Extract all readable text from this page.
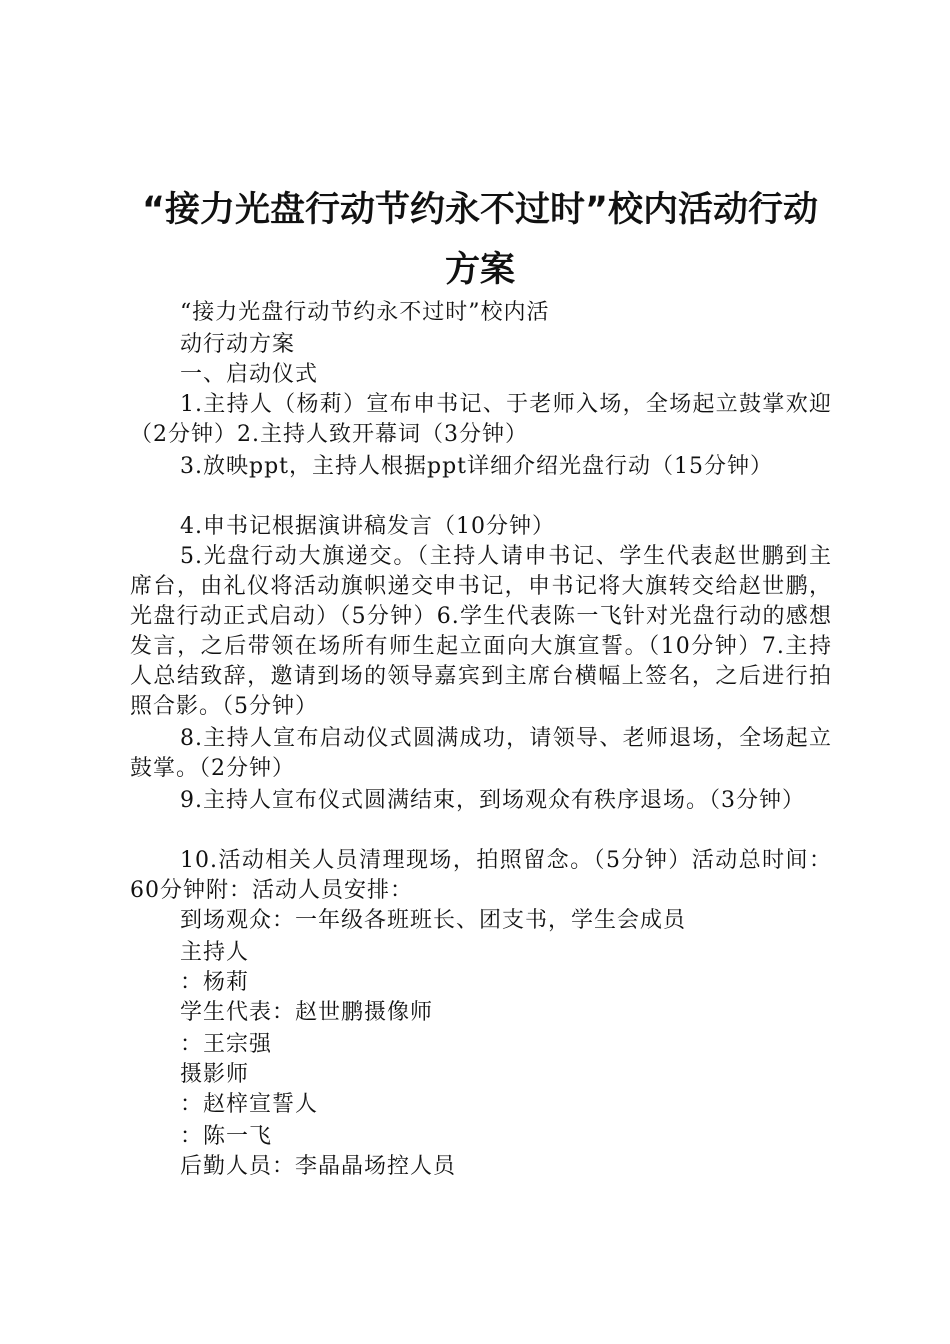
“接力光盘行动节约永不过时”校内活动行动
方案
“接力光盘行动节约永不过时”校内活
动行动方案
一、启动仪式
1.主持人（杨莉）宣布申书记、于老师入场，全场起立鼓掌欢迎（2分钟）2.主持人致开幕词（3分钟）
3.放映ppt，主持人根据ppt详细介绍光盘行动（15分钟）
4.申书记根据演讲稿发言（10分钟）
5.光盘行动大旗递交。（主持人请申书记、学生代表赵世鹏到主席台，由礼仪将活动旗帜递交申书记，申书记将大旗转交给赵世鹏，光盘行动正式启动）（5分钟）6.学生代表陈一飞针对光盘行动的感想发言，之后带领在场所有师生起立面向大旗宣誓。（10分钟）7.主持人总结致辞，邀请到场的领导嘉宾到主席台横幅上签名，之后进行拍照合影。（5分钟）
8.主持人宣布启动仪式圆满成功，请领导、老师退场，全场起立鼓掌。（2分钟）
9.主持人宣布仪式圆满结束，到场观众有秩序退场。（3分钟）
10.活动相关人员清理现场，拍照留念。（5分钟）活动总时间：60分钟附：活动人员安排：
到场观众：一年级各班班长、团支书，学生会成员
主持人
：杨莉
学生代表：赵世鹏摄像师
：王宗强
摄影师
：赵梓宣誓人
：陈一飞
后勤人员：李晶晶场控人员
